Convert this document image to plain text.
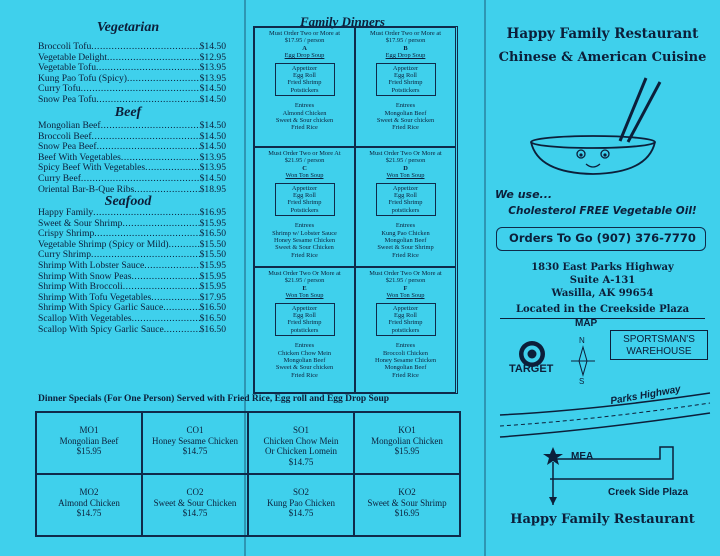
Vegetarian
Broccoli Tofu .....	$14.50
Vegetable Delight .....	$12.95
Vegetable Tofu .....	$13.95
Kung Pao Tofu (Spicy) .....	$13.95
Curry Tofu .....	$14.50
Snow Pea Tofu .....	$14.50
Beef
Mongolian Beef .....	$14.50
Broccoli Beef .....	$14.50
Snow Pea Beef .....	$14.50
Beef With Vegetables .....	$13.95
Spicy Beef With Vegetables .....	$13.95
Curry Beef .....	$14.50
Oriental Bar-B-Que Ribs .....	$18.95
Seafood
Happy Family .....	$16.95
Sweet & Sour Shrimp .....	$15.95
Crispy Shrimp .....	$16.50
Vegetable Shrimp (Spicy or Mild) .....	$15.50
Curry Shrimp .....	$15.50
Shrimp With Lobster Sauce .....	$15.95
Shrimp With Snow Peas .....	$15.95
Shrimp With Broccoli .....	$15.95
Shrimp With Tofu Vegetables .....	$17.95
Shrimp With Spicy Garlic Sauce .....	$16.50
Scallop With Vegetables .....	$16.50
Scallop With Spicy Garlic Sauce .....	$16.50
Family Dinners
Must Order Two or More at
$17.95 / person
A
Egg Drop Soup
Appetizer
Egg Roll
Fried Shrimp
Potstickers
Entrees
Almond Chicken
Sweet & Sour chicken
Fried Rice
Must Order Two or More at
$17.95 / person
B
Egg Drop Soup
Appetizer
Egg Roll
Fried Shrimp
Potstickers
Entrees
Mongolian Beef
Sweet & Sour chicken
Fried Rice
Must Order Two or More At
$21.95 / person
C
Won Ton Soup
Appetizer
Egg Roll
Fried Shrimp
Potstickers
Entrees
Shrimp w/ Lobster Sauce
Honey Sesame Chicken
Sweet & Sour Chicken
Fried Rice
Must Order Two Or More at
$21.95 / person
D
Won Ton Soup
Appetizer
Egg Roll
Fried Shrimp
potstickers
Entrees
Kung Pao Chicken
Mongolian Beef
Sweet & Sour Shrimp
Fried Rice
Must Order Two Or More at
$21.95 / person
E
Won Ton Soup
Appetizer
Egg Roll
Fried Shrimp
potstickers
Entrees
Chicken Chow Mein
Mongolian Beef
Sweet & Sour chicken
Fried Rice
Must Order Two Or More at
$21.95 / person
F
Won Ton Soup
Appetizer
Egg Roll
Fried Shrimp
potstickers
Entrees
Broccoli Chicken
Honey Sesame Chicken
Mongolian Beef
Fried Rice
Dinner Specials (For One Person) Served with Fried Rice, Egg roll and Egg Drop Soup
MO1
Mongolian Beef
$15.95
CO1
Honey Sesame Chicken
$14.75
SO1
Chicken Chow Mein
Or Chicken Lomein
$14.75
KO1
Mongolian Chicken
$15.95
MO2
Almond Chicken
$14.75
CO2
Sweet & Sour Chicken
$14.75
SO2
Kung Pao Chicken
$14.75
KO2
Sweet & Sour Shrimp
$16.95
Happy Family Restaurant
Chinese & American Cuisine
We use...
Cholesterol FREE Vegetable Oil!
Orders To Go (907) 376-7770
1830 East Parks Highway
Suite A-131
Wasilla, AK 99654
Located in the Creekside Plaza
MAP
SPORTSMAN'S
WAREHOUSE
TARGET
N
S
Parks Highway
MEA
Creek Side Plaza
Happy Family Restaurant
